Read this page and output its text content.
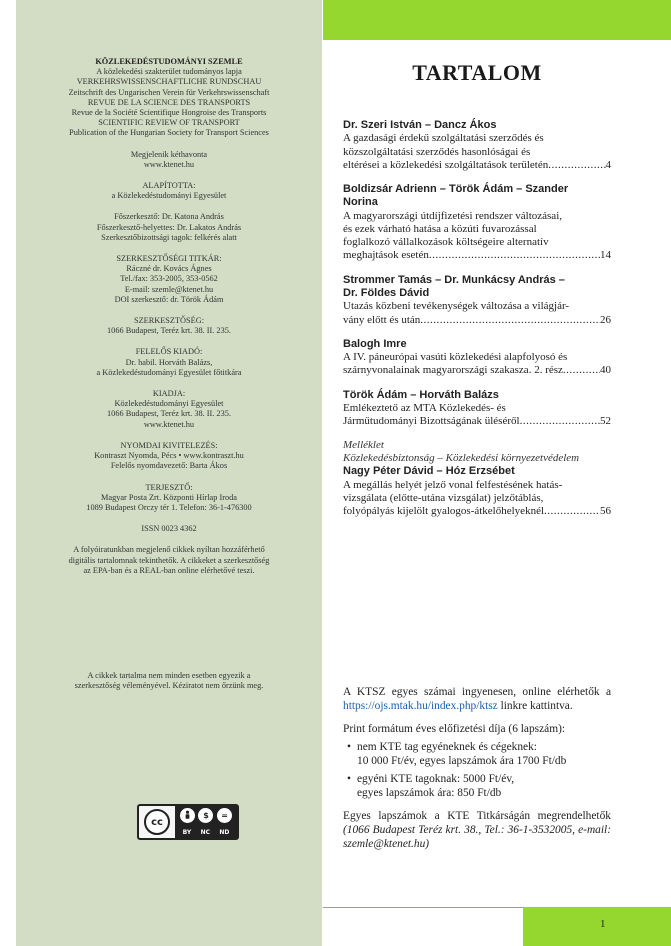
KÖZLEKEDÉSTUDOMÁNYI SZEMLE

A közlekedési szakterület tudományos lapja

VERKEHRSWISSENSCHAFTLICHE RUNDSCHAU

Zeitschrift des Ungarischen Verein für Verkehrswissenschaft

REVUE DE LA SCIENCE DES TRANSPORTS

Revue de la Société Scientifique Hongroise des Transports

SCIENTIFIC REVIEW OF TRANSPORT

Publication of the Hungarian Society for Transport Sciences

Megjelenik kéthavonta

www.ktenet.hu

ALAPÍTOTTA:

a Közlekedéstudományi Egyesület

Főszerkesztő: Dr. Katona András

Főszerkesztő-helyettes: Dr. Lakatos András

Szerkesztőbizottsági tagok: felkérés alatt

SZERKESZTŐSÉGI TITKÁR:

Ráczné dr. Kovács Ágnes

Tel./fax: 353-2005, 353-0562

E-mail: szemle@ktenet.hu

DOI szerkesztő: dr. Török Ádám

SZERKESZTŐSÉG:

1066 Budapest, Teréz krt. 38. II. 235.

FELELŐS KIADÓ:

Dr. habil. Horváth Balázs,

a Közlekedéstudományi Egyesület főtitkára

KIADJA:

Közlekedéstudományi Egyesület

1066 Budapest, Teréz krt. 38. II. 235.

www.ktenet.hu

NYOMDAI KIVITELEZÉS:

Kontraszt Nyomda, Pécs • www.kontraszt.hu

Felelős nyomdavezető: Barta Ákos

TERJESZTŐ:

Magyar Posta Zrt. Központi Hírlap Iroda

1089 Budapest Orczy tér 1. Telefon: 36-1-476300

ISSN 0023 4362

A folyóiratunkban megjelenő cikkek nyíltan hozzáférhető

digitális tartalomnak tekinthetők. A cikkeket a szerkesztőség

az EPA-ban és a REAL-ban online elérhetővé teszi.

A cikkek tartalma nem minden esetben egyezik a
szerkesztőség véleményével. Kéziratot nem őrzünk meg.
cc
$	=
BY NC ND
1
TARTALOM
Dr. Szeri István – Dancz Ákos
A gazdasági érdekű szolgáltatási szerződés és
közszolgáltatási szerződés hasonlóságai és
eltérései a közlekedési szolgáltatások területén .....	4
Boldizsár Adrienn – Török Ádám – Szander
Norina
A magyarországi útdíjfizetési rendszer változásai,
és ezek várható hatása a közúti fuvarozással
foglalkozó vállalkozások költségeire alternatív
meghajtások esetén .....	14
Strommer Tamás – Dr. Munkácsy András –
Dr. Földes Dávid
Utazás közbeni tevékenységek változása a világjár-
vány előtt és után .....	26
Balogh Imre
A IV. páneurópai vasúti közlekedési alapfolyosó és
szárnyvonalainak magyarországi szakasza. 2. rész .....	40
Török Ádám – Horváth Balázs
Emlékeztető az MTA Közlekedés- és
Járműtudományi Bizottságának üléséről .....	52
Melléklet
Közlekedésbiztonság – Közlekedési környezetvédelem
Nagy Péter Dávid – Hóz Erzsébet
A megállás helyét jelző vonal felfestésének hatás-
vizsgálata (előtte-utána vizsgálat) jelzőtáblás,
folyópályás kijelölt gyalogos-átkelőhelyeknél .....	56

A KTSZ egyes számai ingyenesen, online elérhetők a https://ojs.mtak.hu/index.php/ktsz linkre kattintva.

Print formátum éves előfizetési díja (6 lapszám):

• nem KTE tag egyéneknek és cégeknek:
10 000 Ft/év, egyes lapszámok ára 1700 Ft/db
• egyéni KTE tagoknak: 5000 Ft/év,
egyes lapszámok ára: 850 Ft/db

Egyes lapszámok a KTE Titkárságán megrendelhetők (1066 Budapest Teréz krt. 38., Tel.: 36-1-3532005, e-mail: szemle@ktenet.hu)
